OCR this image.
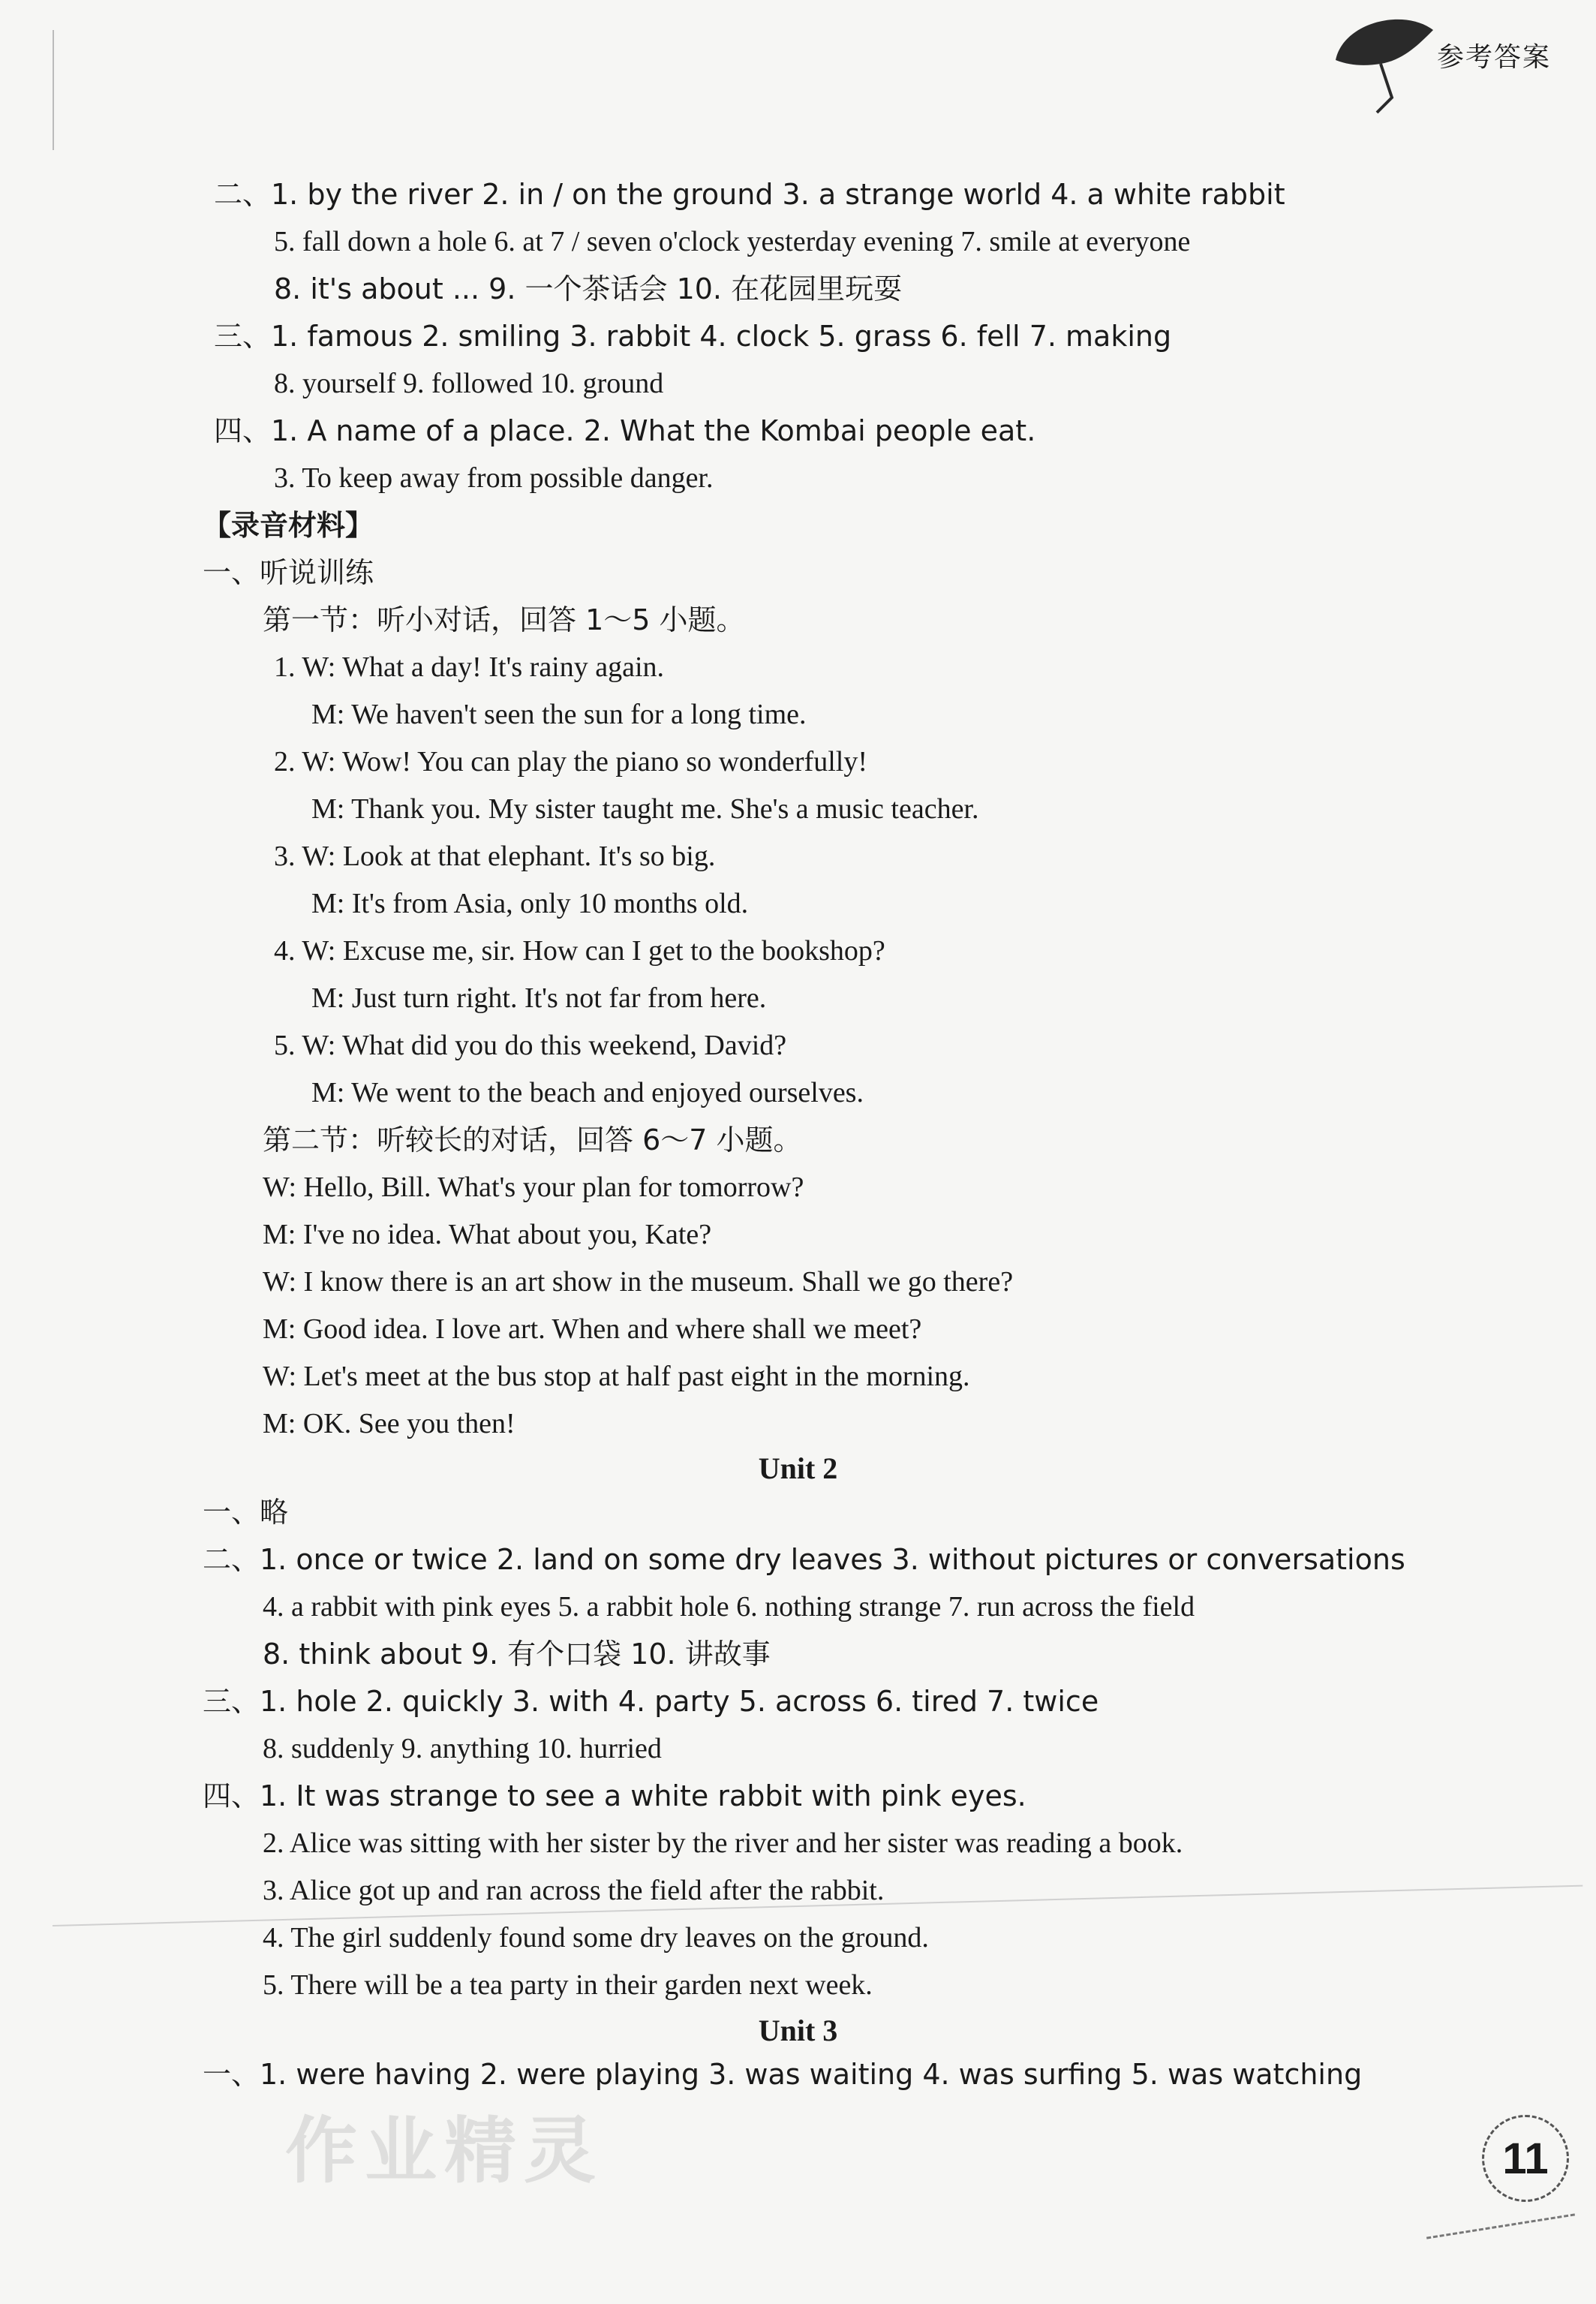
参考答案
二、1. by the river 2. in / on the ground 3. a strange world 4. a white rabbit
5. fall down a hole 6. at 7 / seven o'clock yesterday evening 7. smile at everyone
8. it's about ... 9. 一个茶话会 10. 在花园里玩耍
三、1. famous 2. smiling 3. rabbit 4. clock 5. grass 6. fell 7. making
8. yourself 9. followed 10. ground
四、1. A name of a place. 2. What the Kombai people eat.
3. To keep away from possible danger.
【录音材料】
一、听说训练
第一节：听小对话，回答 1～5 小题。
1. W: What a day! It's rainy again.
M: We haven't seen the sun for a long time.
2. W: Wow! You can play the piano so wonderfully!
M: Thank you. My sister taught me. She's a music teacher.
3. W: Look at that elephant. It's so big.
M: It's from Asia, only 10 months old.
4. W: Excuse me, sir. How can I get to the bookshop?
M: Just turn right. It's not far from here.
5. W: What did you do this weekend, David?
M: We went to the beach and enjoyed ourselves.
第二节：听较长的对话，回答 6～7 小题。
W: Hello, Bill. What's your plan for tomorrow?
M: I've no idea. What about you, Kate?
W: I know there is an art show in the museum. Shall we go there?
M: Good idea. I love art. When and where shall we meet?
W: Let's meet at the bus stop at half past eight in the morning.
M: OK. See you then!
一、略
二、1. once or twice 2. land on some dry leaves 3. without pictures or conversations
4. a rabbit with pink eyes 5. a rabbit hole 6. nothing strange 7. run across the field
8. think about 9. 有个口袋 10. 讲故事
三、1. hole 2. quickly 3. with 4. party 5. across 6. tired 7. twice
8. suddenly 9. anything 10. hurried
四、1. It was strange to see a white rabbit with pink eyes.
2. Alice was sitting with her sister by the river and her sister was reading a book.
3. Alice got up and ran across the field after the rabbit.
4. The girl suddenly found some dry leaves on the ground.
5. There will be a tea party in their garden next week.
一、1. were having 2. were playing 3. was waiting 4. was surfing 5. was watching
Unit 2
Unit 3
作业精灵	11
